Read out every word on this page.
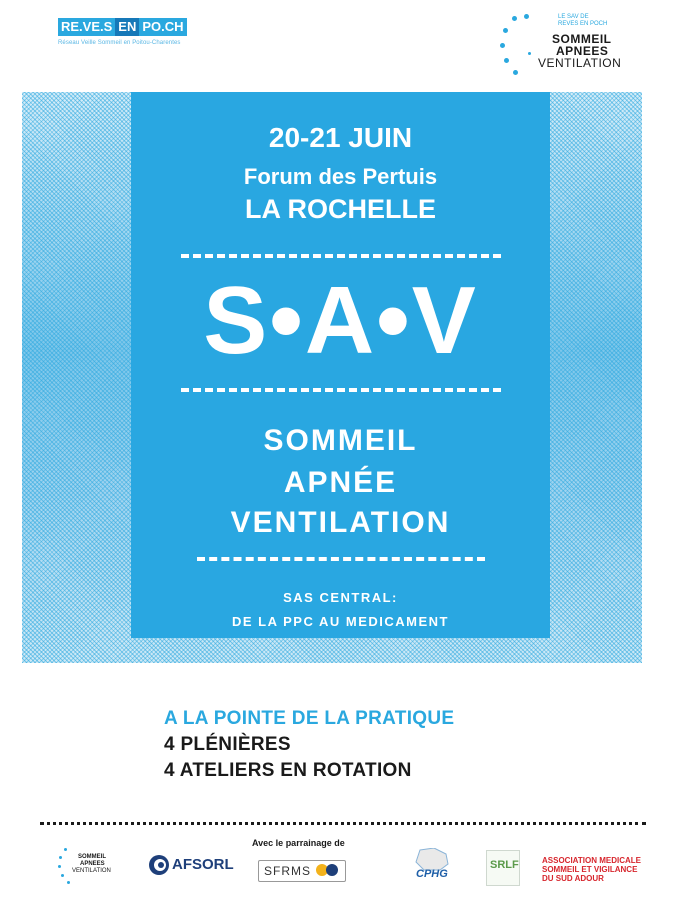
RE.VE.S EN PO.CH
Réseau Veille Sommeil en Poitou-Charentes
LE SAV DE
REVES EN POCH
SOMMEIL
APNEES
VENTILATION
20-21 JUIN
Forum des Pertuis
LA ROCHELLE
S•A•V
SOMMEIL
APNÉE
VENTILATION
SAS CENTRAL:
DE LA PPC AU MEDICAMENT
A LA POINTE DE LA PRATIQUE
4 PLÉNIÈRES
4 ATELIERS EN ROTATION
Avec le parrainage de
SOMMEIL
APNEES
VENTILATION	AFSORL	SFRMS	CPHG
SRLF	ASSOCIATION MEDICALE
SOMMEIL ET VIGILANCE
DU SUD ADOUR
